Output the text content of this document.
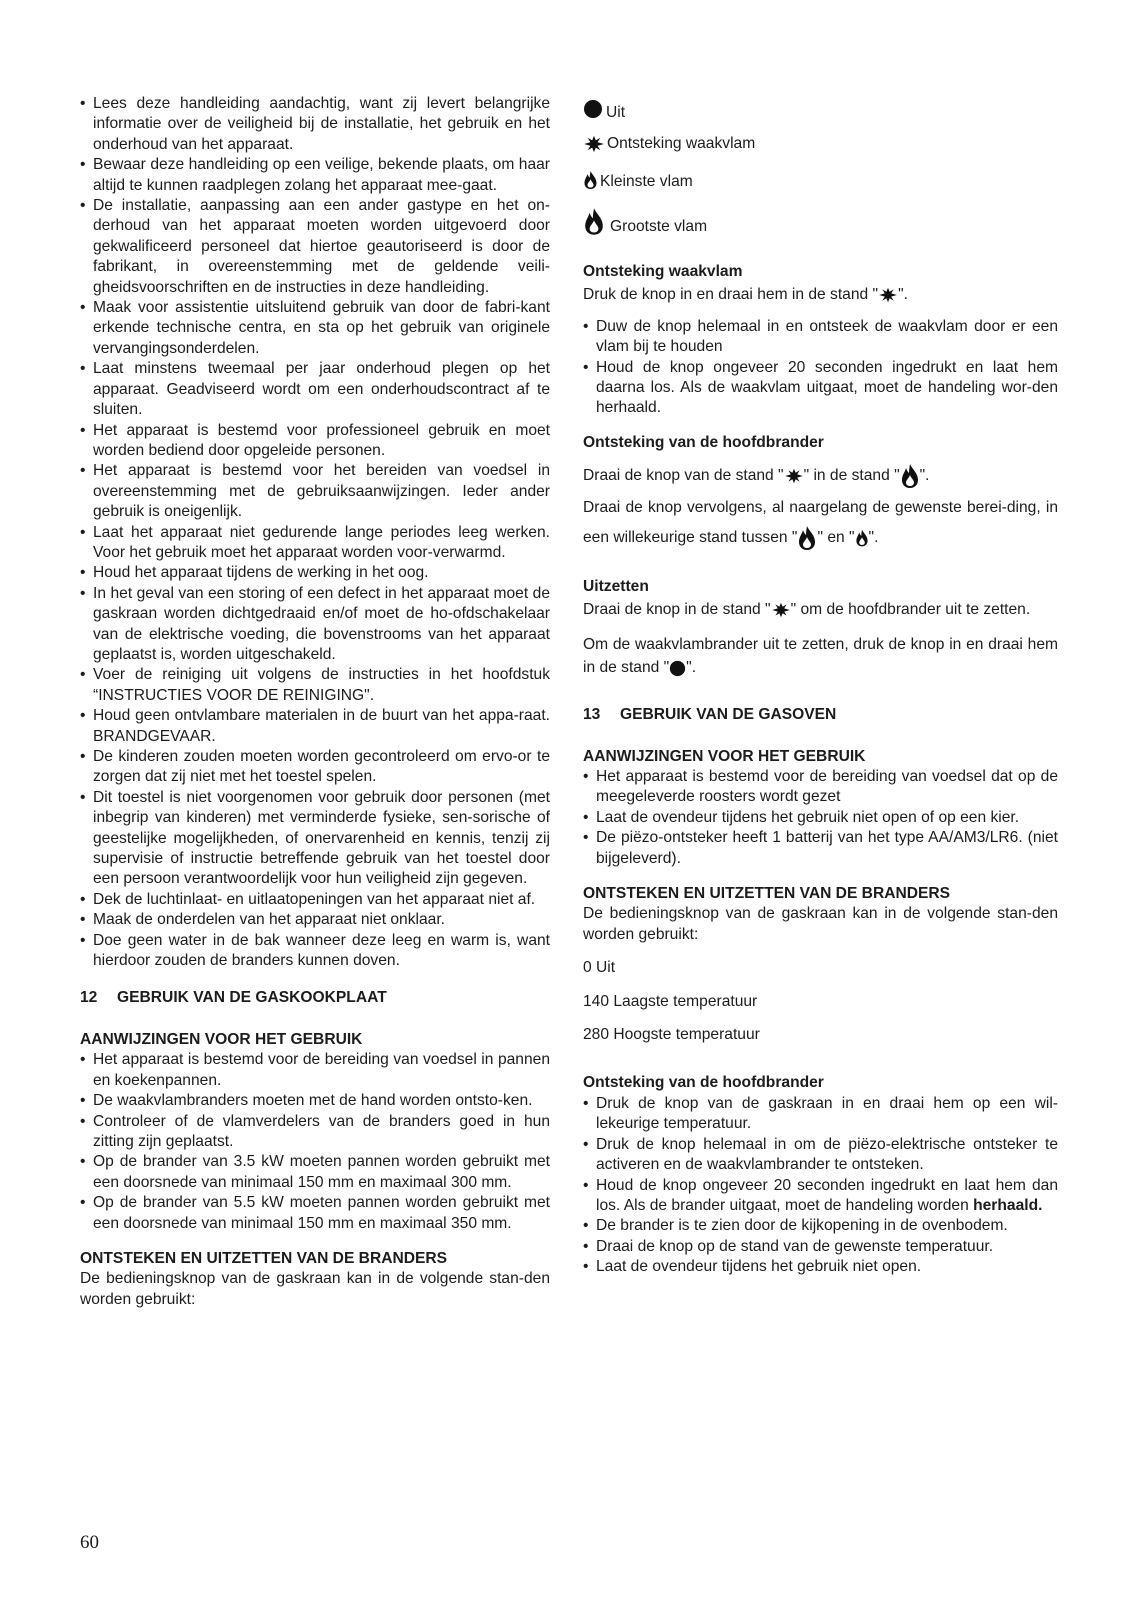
• Lees deze handleiding aandachtig, want zij levert belangrijke informatie over de veiligheid bij de installatie, het gebruik en het onderhoud van het apparaat.
• Bewaar deze handleiding op een veilige, bekende plaats, om haar altijd te kunnen raadplegen zolang het apparaat mee-gaat.
• De installatie, aanpassing aan een ander gastype en het on-derhoud van het apparaat moeten worden uitgevoerd door gekwalificeerd personeel dat hiertoe geautoriseerd is door de fabrikant, in overeenstemming met de geldende veili-gheidsvoorschriften en de instructies in deze handleiding.
• Maak voor assistentie uitsluitend gebruik van door de fabri-kant erkende technische centra, en sta op het gebruik van originele vervangingsonderdelen.
• Laat minstens tweemaal per jaar onderhoud plegen op het apparaat. Geadviseerd wordt om een onderhoudscontract af te sluiten.
• Het apparaat is bestemd voor professioneel gebruik en moet worden bediend door opgeleide personen.
• Het apparaat is bestemd voor het bereiden van voedsel in overeenstemming met de gebruiksaanwijzingen. Ieder ander gebruik is oneigenlijk.
• Laat het apparaat niet gedurende lange periodes leeg werken. Voor het gebruik moet het apparaat worden voor-verwarmd.
• Houd het apparaat tijdens de werking in het oog.
• In het geval van een storing of een defect in het apparaat moet de gaskraan worden dichtgedraaid en/of moet de ho-ofdschakelaar van de elektrische voeding, die bovenstrooms van het apparaat geplaatst is, worden uitgeschakeld.
• Voer de reiniging uit volgens de instructies in het hoofdstuk “INSTRUCTIES VOOR DE REINIGING".
• Houd geen ontvlambare materialen in de buurt van het appa-raat. BRANDGEVAAR.
• De kinderen zouden moeten worden gecontroleerd om ervo-or te zorgen dat zij niet met het toestel spelen.
• Dit toestel is niet voorgenomen voor gebruik door personen (met inbegrip van kinderen) met verminderde fysieke, sen-sorische of geestelijke mogelijkheden, of onervarenheid en kennis, tenzij zij supervisie of instructie betreffende gebruik van het toestel door een persoon verantwoordelijk voor hun veiligheid zijn gegeven.
• Dek de luchtinlaat- en uitlaatopeningen van het apparaat niet af.
• Maak de onderdelen van het apparaat niet onklaar.
• Doe geen water in de bak wanneer deze leeg en warm is, want hierdoor zouden de branders kunnen doven.
12 GEBRUIK VAN DE GASKOOKPLAAT
AANWIJZINGEN VOOR HET GEBRUIK
• Het apparaat is bestemd voor de bereiding van voedsel in pannen en koekenpannen.
• De waakvlambranders moeten met de hand worden ontsto-ken.
• Controleer of de vlamverdelers van de branders goed in hun zitting zijn geplaatst.
• Op de brander van 3.5 kW moeten pannen worden gebruikt met een doorsnede van minimaal 150 mm en maximaal 300 mm.
• Op de brander van 5.5 kW moeten pannen worden gebruikt met een doorsnede van minimaal 150 mm en maximaal 350 mm.
ONTSTEKEN EN UITZETTEN VAN DE BRANDERS

De bedieningsknop van de gaskraan kan in de volgende stan-den worden gebruikt:

Uit
Ontsteking waakvlam
Kleinste vlam
Grootste vlam
Ontsteking waakvlam

Druk de knop in en draai hem in de stand " ".

• Duw de knop helemaal in en ontsteek de waakvlam door er een vlam bij te houden
• Houd de knop ongeveer 20 seconden ingedrukt en laat hem daarna los. Als de waakvlam uitgaat, moet de handeling wor-den herhaald.
Ontsteking van de hoofdbrander

Draai de knop van de stand " " in de stand " ".

Draai de knop vervolgens, al naargelang de gewenste berei-ding, in een willekeurige stand tussen " " en " ".

Uitzetten

Draai de knop in de stand " " om de hoofdbrander uit te zetten.

Om de waakvlambrander uit te zetten, druk de knop in en draai hem in de stand " ".

13 GEBRUIK VAN DE GASOVEN
AANWIJZINGEN VOOR HET GEBRUIK
• Het apparaat is bestemd voor de bereiding van voedsel dat op de meegeleverde roosters wordt gezet
• Laat de ovendeur tijdens het gebruik niet open of op een kier.
• De piëzo-ontsteker heeft 1 batterij van het type AA/AM3/LR6. (niet bijgeleverd).
ONTSTEKEN EN UITZETTEN VAN DE BRANDERS

De bedieningsknop van de gaskraan kan in de volgende stan-den worden gebruikt:

0 Uit

140 Laagste temperatuur

280 Hoogste temperatuur

Ontsteking van de hoofdbrander
• Druk de knop van de gaskraan in en draai hem op een wil-lekeurige temperatuur.
• Druk de knop helemaal in om de piëzo-elektrische ontsteker te activeren en de waakvlambrander te ontsteken.
• Houd de knop ongeveer 20 seconden ingedrukt en laat hem dan los. Als de brander uitgaat, moet de handeling worden herhaald.
• De brander is te zien door de kijkopening in de ovenbodem.
• Draai de knop op de stand van de gewenste temperatuur.
• Laat de ovendeur tijdens het gebruik niet open.
60
